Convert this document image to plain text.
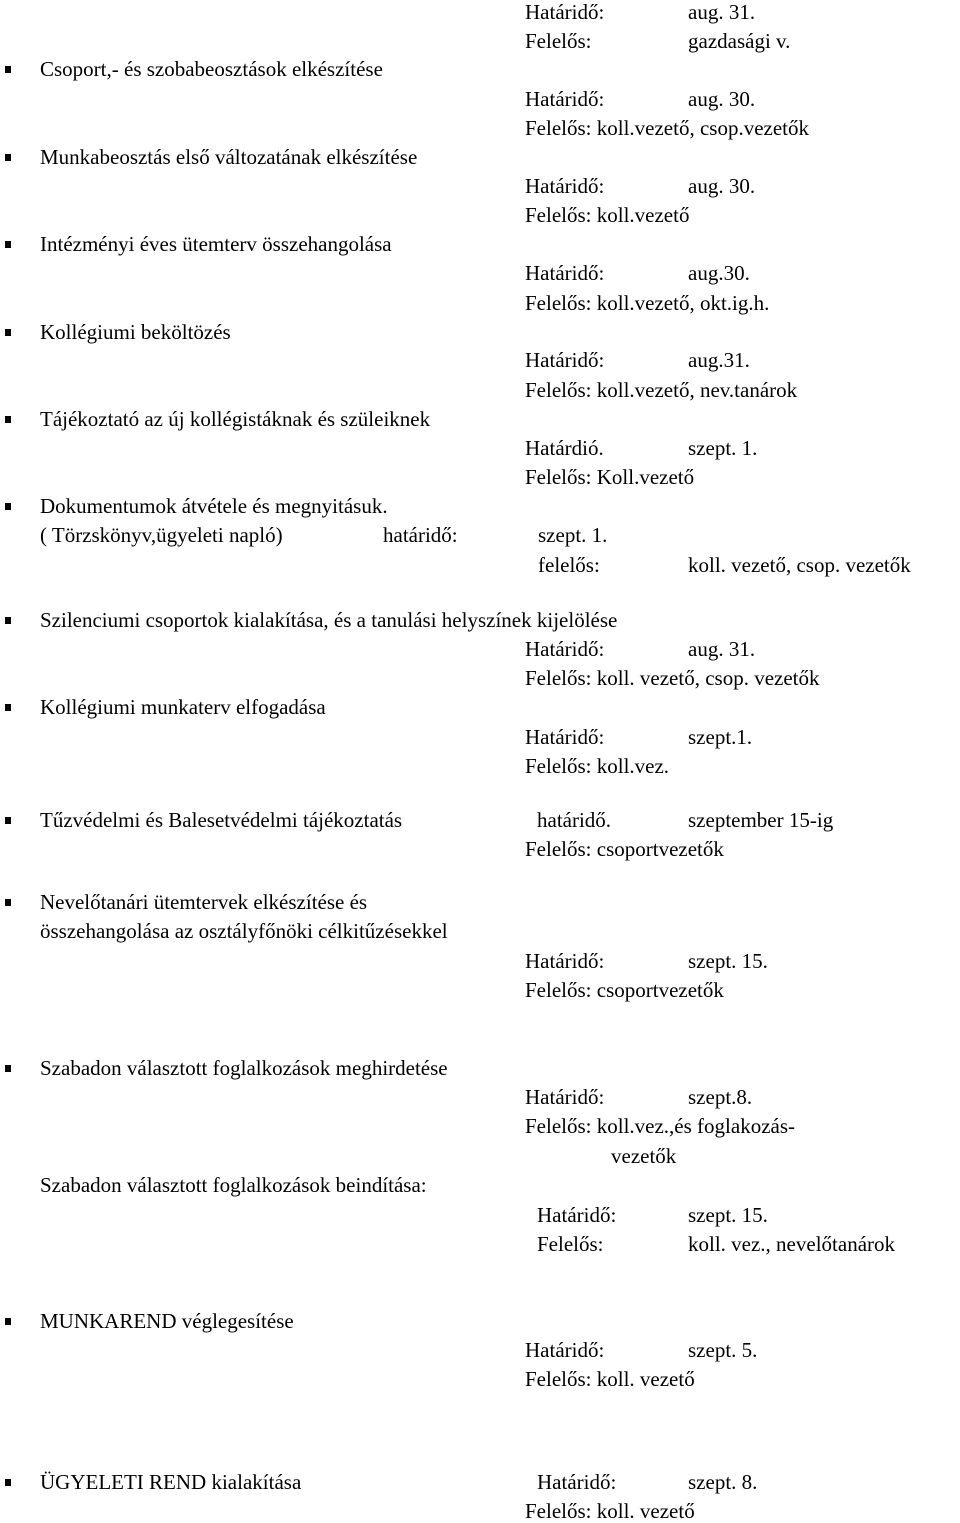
Határidő:	aug. 31.
Felelős:	gazdasági v.
Csoport,- és szobabeosztások elkészítése
Határidő:	aug. 30.
Felelős: koll.vezető, csop.vezetők
Munkabeosztás első változatának elkészítése
Határidő:	aug. 30.
Felelős: koll.vezető
Intézményi éves ütemterv összehangolása
Határidő:	aug.30.
Felelős: koll.vezető, okt.ig.h.
Kollégiumi beköltözés
Határidő:	aug.31.
Felelős: koll.vezető, nev.tanárok
Tájékoztató az új kollégistáknak és szüleiknek
Határdió.	szept. 1.
Felelős: Koll.vezető
Dokumentumok átvétele és megnyitásuk.
( Törzskönyv,ügyeleti napló)	határidő:	szept. 1.
felelős:	koll. vezető, csop. vezetők
Szilenciumi csoportok kialakítása, és a tanulási helyszínek kijelölése
Határidő:	aug. 31.
Felelős: koll. vezető, csop. vezetők
Kollégiumi munkaterv elfogadása
Határidő:	szept.1.
Felelős: koll.vez.
Tűzvédelmi és Balesetvédelmi tájékoztatás	határidő.	szeptember 15-ig
Felelős: csoportvezetők
Nevelőtanári ütemtervek elkészítése és
összehangolása az osztályfőnöki célkitűzésekkel
Határidő:	szept. 15.
Felelős: csoportvezetők
Szabadon választott foglalkozások meghirdetése
Határidő:	szept.8.
Felelős: koll.vez.,és foglakozás-
vezetők
Szabadon választott foglalkozások beindítása:
Határidő:	szept. 15.
Felelős:	koll. vez., nevelőtanárok
MUNKAREND véglegesítése
Határidő:	szept. 5.
Felelős: koll. vezető
ÜGYELETI REND kialakítása	Határidő:	szept. 8.
Felelős: koll. vezető
